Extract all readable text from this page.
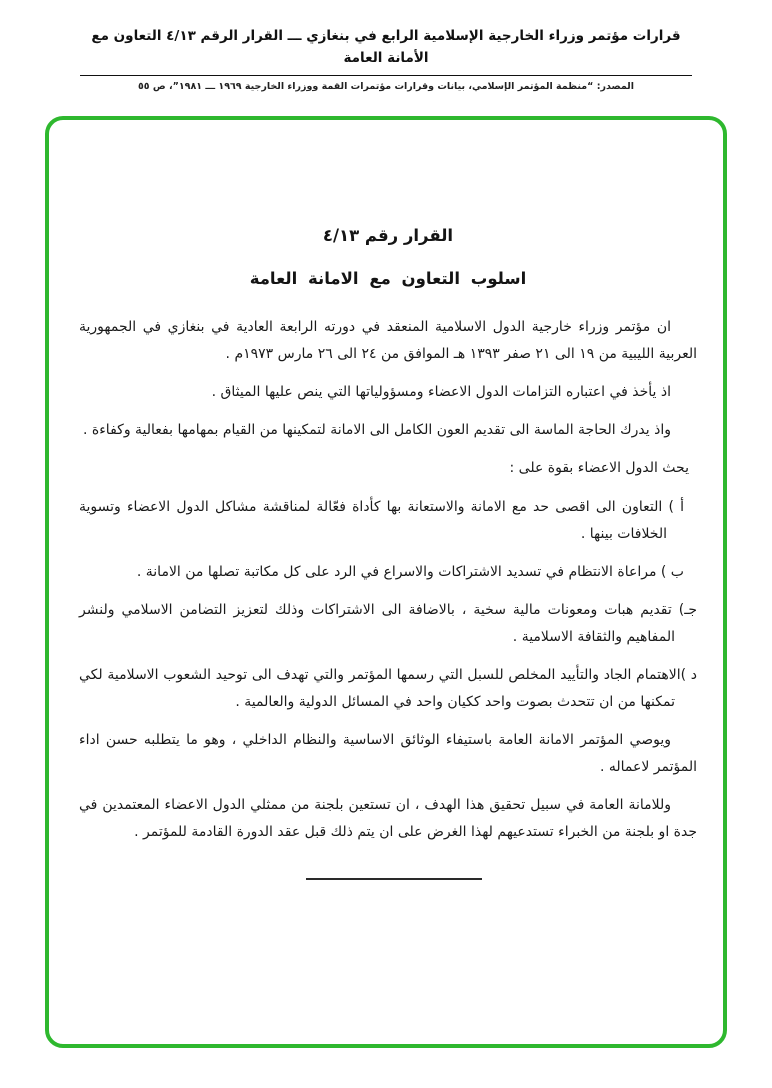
قرارات مؤتمر وزراء الخارجية الإسلامية الرابع في بنغازي ـــ القرار الرقم ٤/١٣ التعاون مع الأمانة العامة
المصدر: “منظمة المؤتمر الإسلامي، بيانات وقرارات مؤتمرات القمة ووزراء الخارجية ١٩٦٩ ـــ ١٩٨١”، ص ٥٥
القرار رقم ٤/١٣
اسلوب التعاون مع الامانة العامة

ان مؤتمر وزراء خارجية الدول الاسلامية المنعقد في دورته الرابعة العادية في بنغازي في الجمهورية العربية الليبية من ١٩ الى ٢١ صفر ١٣٩٣ هـ الموافق من ٢٤ الى ٢٦ مارس ١٩٧٣م .

اذ يأخذ في اعتباره التزامات الدول الاعضاء ومسؤولياتها التي ينص عليها الميثاق .

واذ يدرك الحاجة الماسة الى تقديم العون الكامل الى الامانة لتمكينها من القيام بمهامها بفعالية وكفاءة .

يحث الدول الاعضاء بقوة على :

أ ) التعاون الى اقصى حد مع الامانة والاستعانة بها كأداة فعّالة لمناقشة مشاكل الدول الاعضاء وتسوية الخلافات بينها .

ب ) مراعاة الانتظام في تسديد الاشتراكات والاسراع في الرد على كل مكاتبة تصلها من الامانة .

جـ) تقديم هبات ومعونات مالية سخية ، بالاضافة الى الاشتراكات وذلك لتعزيز التضامن الاسلامي ولنشر المفاهيم والثقافة الاسلامية .

د )الاهتمام الجاد والتأييد المخلص للسبل التي رسمها المؤتمر والتي تهدف الى توحيد الشعوب الاسلامية لكي تمكنها من ان تتحدث بصوت واحد ككيان واحد في المسائل الدولية والعالمية .

ويوصي المؤتمر الامانة العامة باستيفاء الوثائق الاساسية والنظام الداخلي ، وهو ما يتطلبه حسن اداء المؤتمر لاعماله .

وللامانة العامة في سبيل تحقيق هذا الهدف ، ان تستعين بلجنة من ممثلي الدول الاعضاء المعتمدين في جدة او بلجنة من الخبراء تستدعيهم لهذا الغرض على ان يتم ذلك قبل عقد الدورة القادمة للمؤتمر .
